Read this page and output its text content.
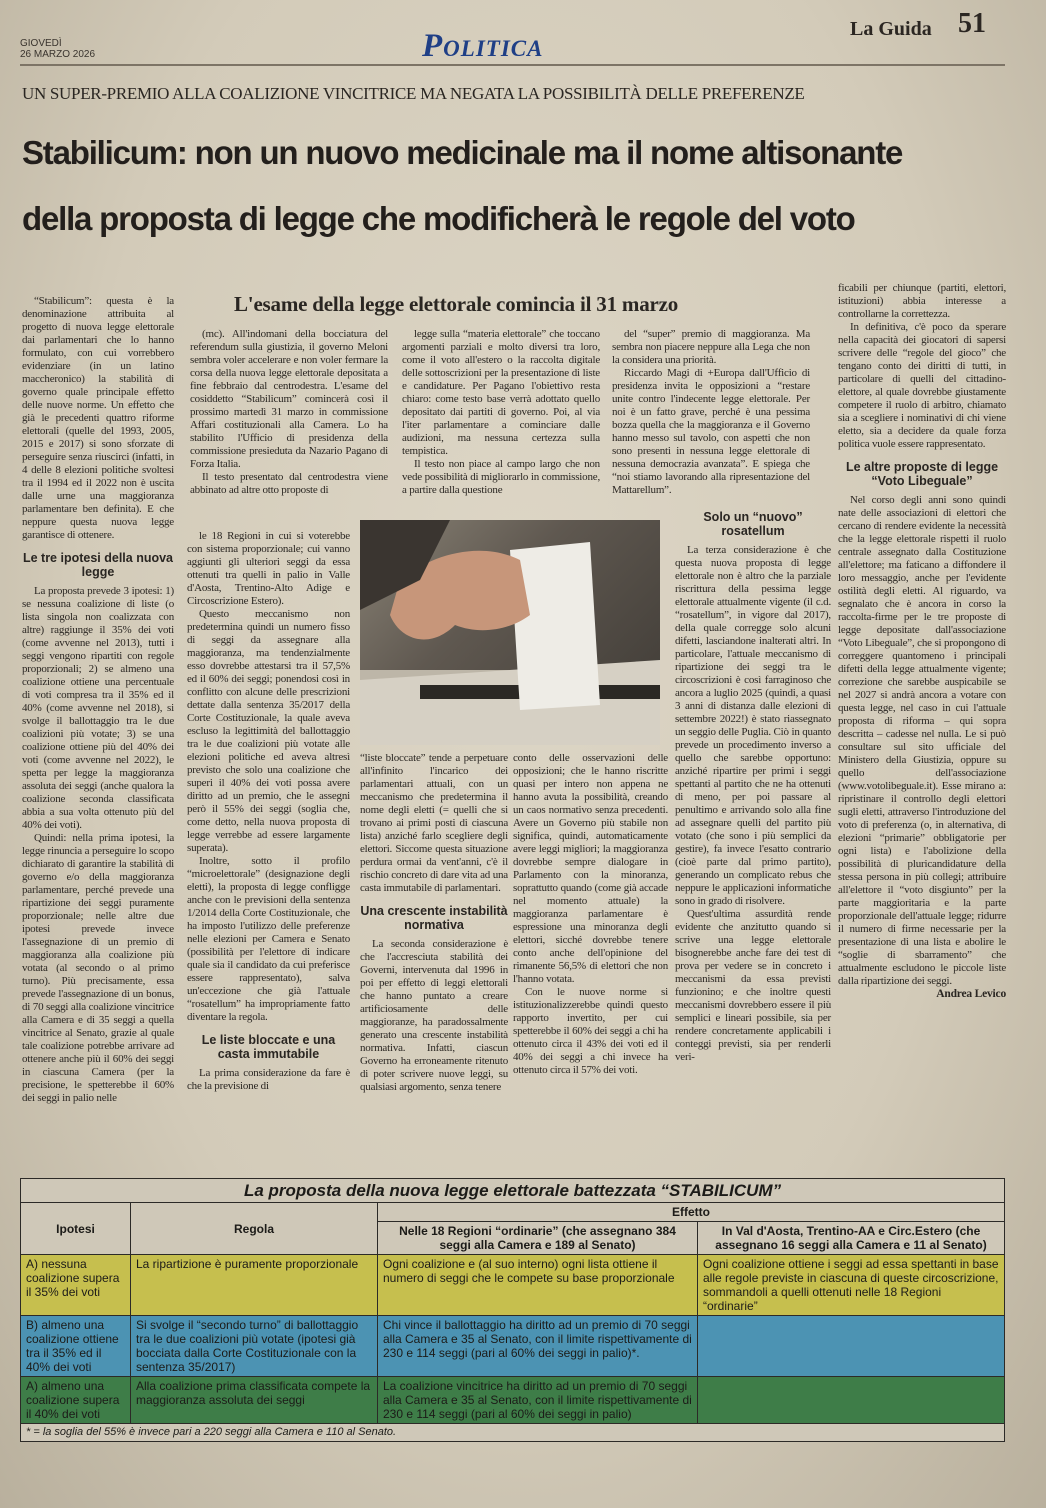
GIOVEDÌ
26 MARZO 2026	Politica	La Guida 51
UN SUPER-PREMIO ALLA COALIZIONE VINCITRICE MA NEGATA LA POSSIBILITÀ DELLE PREFERENZE
Stabilicum: non un nuovo medicinale ma il nome altisonante
della proposta di legge che modificherà le regole del voto

“Stabilicum”: questa è la denominazione attribuita al progetto di nuova legge elettorale dai parlamentari che lo hanno formulato, con cui vorrebbero evidenziare (in un latino maccheronico) la stabilità di governo quale principale effetto delle nuove norme. Un effetto che già le precedenti quattro riforme elettorali (quelle del 1993, 2005, 2015 e 2017) si sono sforzate di perseguire senza riuscirci (infatti, in 4 delle 8 elezioni politiche svoltesi tra il 1994 ed il 2022 non è uscita dalle urne una maggioranza parlamentare ben definita). E che neppure questa nuova legge garantisce di ottenere.

Le tre ipotesi della nuova legge

La proposta prevede 3 ipotesi: 1) se nessuna coalizione di liste (o lista singola non coalizzata con altre) raggiunge il 35% dei voti (come avvenne nel 2013), tutti i seggi vengono ripartiti con regole proporzionali; 2) se almeno una coalizione ottiene una percentuale di voti compresa tra il 35% ed il 40% (come avvenne nel 2018), si svolge il ballottaggio tra le due coalizioni più votate; 3) se una coalizione ottiene più del 40% dei voti (come avvenne nel 2022), le spetta per legge la maggioranza assoluta dei seggi (anche qualora la coalizione seconda classificata abbia a sua volta ottenuto più del 40% dei voti).

Quindi: nella prima ipotesi, la legge rinuncia a perseguire lo scopo dichiarato di garantire la stabilità di governo e/o della maggioranza parlamentare, perché prevede una ripartizione dei seggi puramente proporzionale; nelle altre due ipotesi prevede invece l'assegnazione di un premio di maggioranza alla coalizione più votata (al secondo o al primo turno). Più precisamente, essa prevede l'assegnazione di un bonus, di 70 seggi alla coalizione vincitrice alla Camera e di 35 seggi a quella vincitrice al Senato, grazie al quale tale coalizione potrebbe arrivare ad ottenere anche più il 60% dei seggi in ciascuna Camera (per la precisione, le spetterebbe il 60% dei seggi in palio nelle

L'esame della legge elettorale comincia il 31 marzo

(mc). All'indomani della bocciatura del referendum sulla giustizia, il governo Meloni sembra voler accelerare e non voler fermare la corsa della nuova legge elettorale depositata a fine febbraio dal centrodestra. L'esame del cosiddetto “Stabilicum” comincerà così il prossimo martedì 31 marzo in commissione Affari costituzionali alla Camera. Lo ha stabilito l'Ufficio di presidenza della commissione presieduta da Nazario Pagano di Forza Italia.

Il testo presentato dal centrodestra viene abbinato ad altre otto proposte di

legge sulla “materia elettorale” che toccano argomenti parziali e molto diversi tra loro, come il voto all'estero o la raccolta digitale delle sottoscrizioni per la presentazione di liste e candidature. Per Pagano l'obiettivo resta chiaro: come testo base verrà adottato quello depositato dai partiti di governo. Poi, al via l'iter parlamentare a cominciare dalle audizioni, ma nessuna certezza sulla tempistica.

Il testo non piace al campo largo che non vede possibilità di migliorarlo in commissione, a partire dalla questione

del “super” premio di maggioranza. Ma sembra non piacere neppure alla Lega che non la considera una priorità.

Riccardo Magi di +Europa dall'Ufficio di presidenza invita le opposizioni a “restare unite contro l'indecente legge elettorale. Per noi è un fatto grave, perché è una pessima bozza quella che la maggioranza e il Governo hanno messo sul tavolo, con aspetti che non sono presenti in nessuna legge elettorale di nessuna democrazia avanzata”. E spiega che “noi stiamo lavorando alla ripresentazione del Mattarellum”.

le 18 Regioni in cui si voterebbe con sistema proporzionale; cui vanno aggiunti gli ulteriori seggi da essa ottenuti tra quelli in palio in Valle d'Aosta, Trentino-Alto Adige e Circoscrizione Estero).

Questo meccanismo non predetermina quindi un numero fisso di seggi da assegnare alla maggioranza, ma tendenzialmente esso dovrebbe attestarsi tra il 57,5% ed il 60% dei seggi; ponendosi così in conflitto con alcune delle prescrizioni dettate dalla sentenza 35/2017 della Corte Costituzionale, la quale aveva escluso la legittimità del ballottaggio tra le due coalizioni più votate alle elezioni politiche ed aveva altresì previsto che solo una coalizione che superi il 40% dei voti possa avere diritto ad un premio, che le assegni però il 55% dei seggi (soglia che, come detto, nella nuova proposta di legge verrebbe ad essere largamente superata).

Inoltre, sotto il profilo “microelettorale” (designazione degli eletti), la proposta di legge confligge anche con le previsioni della sentenza 1/2014 della Corte Costituzionale, che ha imposto l'utilizzo delle preferenze nelle elezioni per Camera e Senato (possibilità per l'elettore di indicare quale sia il candidato da cui preferisce essere rappresentato), salva un'eccezione che già l'attuale “rosatellum” ha impropriamente fatto diventare la regola.

Le liste bloccate e una casta immutabile

La prima considerazione da fare è che la previsione di

“liste bloccate” tende a perpetuare all'infinito l'incarico dei parlamentari attuali, con un meccanismo che predetermina il nome degli eletti (= quelli che si trovano ai primi posti di ciascuna lista) anziché farlo scegliere degli elettori. Siccome questa situazione perdura ormai da vent'anni, c'è il rischio concreto di dare vita ad una casta immutabile di parlamentari.

Una crescente instabilità normativa

La seconda considerazione è che l'accresciuta stabilità dei Governi, intervenuta dal 1996 in poi per effetto di leggi elettorali che hanno puntato a creare artificiosamente delle maggioranze, ha paradossalmente generato una crescente instabilità normativa. Infatti, ciascun Governo ha erroneamente ritenuto di poter scrivere nuove leggi, su qualsiasi argomento, senza tenere

conto delle osservazioni delle opposizioni; che le hanno riscritte quasi per intero non appena ne hanno avuta la possibilità, creando un caos normativo senza precedenti. Avere un Governo più stabile non significa, quindi, automaticamente avere leggi migliori; la maggioranza dovrebbe sempre dialogare in Parlamento con la minoranza, soprattutto quando (come già accade nel momento attuale) la maggioranza parlamentare è espressione una minoranza degli elettori, sicché dovrebbe tenere conto anche dell'opinione del rimanente 56,5% di elettori che non l'hanno votata.

Con le nuove norme si istituzionalizzerebbe quindi questo rapporto invertito, per cui spetterebbe il 60% dei seggi a chi ha ottenuto circa il 43% dei voti ed il 40% dei seggi a chi invece ha ottenuto circa il 57% dei voti.

Solo un “nuovo” rosatellum

La terza considerazione è che questa nuova proposta di legge elettorale non è altro che la parziale riscrittura della pessima legge elettorale attualmente vigente (il c.d. “rosatellum”, in vigore dal 2017), della quale corregge solo alcuni difetti, lasciandone inalterati altri. In particolare, l'attuale meccanismo di ripartizione dei seggi tra le circoscrizioni è così farraginoso che ancora a luglio 2025 (quindi, a quasi 3 anni di distanza dalle elezioni di settembre 2022!) è stato riassegnato un seggio delle Puglia. Ciò in quanto prevede un procedimento inverso a quello che sarebbe opportuno: anziché ripartire per primi i seggi spettanti al partito che ne ha ottenuti di meno, per poi passare al penultimo e arrivando solo alla fine ad assegnare quelli del partito più votato (che sono i più semplici da gestire), fa invece l'esatto contrario (cioè parte dal primo partito), generando un complicato rebus che neppure le applicazioni informatiche sono in grado di risolvere.

Quest'ultima assurdità rende evidente che anzitutto quando si scrive una legge elettorale bisognerebbe anche fare dei test di prova per vedere se in concreto i meccanismi da essa previsti funzionino; e che inoltre questi meccanismi dovrebbero essere il più semplici e lineari possibile, sia per rendere concretamente applicabili i conteggi previsti, sia per renderli veri-

ficabili per chiunque (partiti, elettori, istituzioni) abbia interesse a controllarne la correttezza.

In definitiva, c'è poco da sperare nella capacità dei giocatori di sapersi scrivere delle “regole del gioco” che tengano conto dei diritti di tutti, in particolare di quelli del cittadino-elettore, al quale dovrebbe giustamente competere il ruolo di arbitro, chiamato sia a scegliere i nominativi di chi viene eletto, sia a decidere da quale forza politica vuole essere rappresentato.

Le altre proposte di legge “Voto Libeguale”

Nel corso degli anni sono quindi nate delle associazioni di elettori che cercano di rendere evidente la necessità che la legge elettorale rispetti il ruolo centrale assegnato dalla Costituzione all'elettore; ma faticano a diffondere il loro messaggio, anche per l'evidente ostilità degli eletti. Al riguardo, va segnalato che è ancora in corso la raccolta-firme per le tre proposte di legge depositate dall'associazione “Voto Libeguale”, che si propongono di correggere quantomeno i principali difetti della legge attualmente vigente; correzione che sarebbe auspicabile se nel 2027 si andrà ancora a votare con questa legge, nel caso in cui l'attuale proposta di riforma – qui sopra descritta – cadesse nel nulla. Le si può consultare sul sito ufficiale del Ministero della Giustizia, oppure su quello dell'associazione (www.votolibeguale.it). Esse mirano a: ripristinare il controllo degli elettori sugli eletti, attraverso l'introduzione del voto di preferenza (o, in alternativa, di elezioni “primarie” obbligatorie per ogni lista) e l'abolizione della possibilità di pluricandidature della stessa persona in più collegi; attribuire all'elettore il “voto disgiunto” per la parte maggioritaria e la parte proporzionale dell'attuale legge; ridurre il numero di firme necessarie per la presentazione di una lista e abolire le “soglie di sbarramento” che attualmente escludono le piccole liste dalla ripartizione dei seggi.

Andrea Levico
La proposta della nuova legge elettorale battezzata “STABILICUM”			
Ipotesi	Regola	Effetto	
		Nelle 18 Regioni “ordinarie” (che assegnano 384 seggi alla Camera e 189 al Senato)	In Val d'Aosta, Trentino-AA e Circ.Estero (che assegnano 16 seggi alla Camera e 11 al Senato)
A) nessuna coalizione supera il 35% dei voti	La ripartizione è puramente proporzionale	Ogni coalizione e (al suo interno) ogni lista ottiene il numero di seggi che le compete su base proporzionale	Ogni coalizione ottiene i seggi ad essa spettanti in base alle regole previste in ciascuna di queste circoscrizione, sommandoli a quelli ottenuti nelle 18 Regioni “ordinarie”
B) almeno una coalizione ottiene tra il 35% ed il 40% dei voti	Si svolge il “secondo turno” di ballottaggio tra le due coalizioni più votate (ipotesi già bocciata dalla Corte Costituzionale con la sentenza 35/2017)	Chi vince il ballottaggio ha diritto ad un premio di 70 seggi alla Camera e 35 al Senato, con il limite rispettivamente di 230 e 114 seggi (pari al 60% dei seggi in palio)*.	
A) almeno una coalizione supera il 40% dei voti	Alla coalizione prima classificata compete la maggioranza assoluta dei seggi	La coalizione vincitrice ha diritto ad un premio di 70 seggi alla Camera e 35 al Senato, con il limite rispettivamente di 230 e 114 seggi (pari al 60% dei seggi in palio)	
* = la soglia del 55% è invece pari a 220 seggi alla Camera e 110 al Senato.			
